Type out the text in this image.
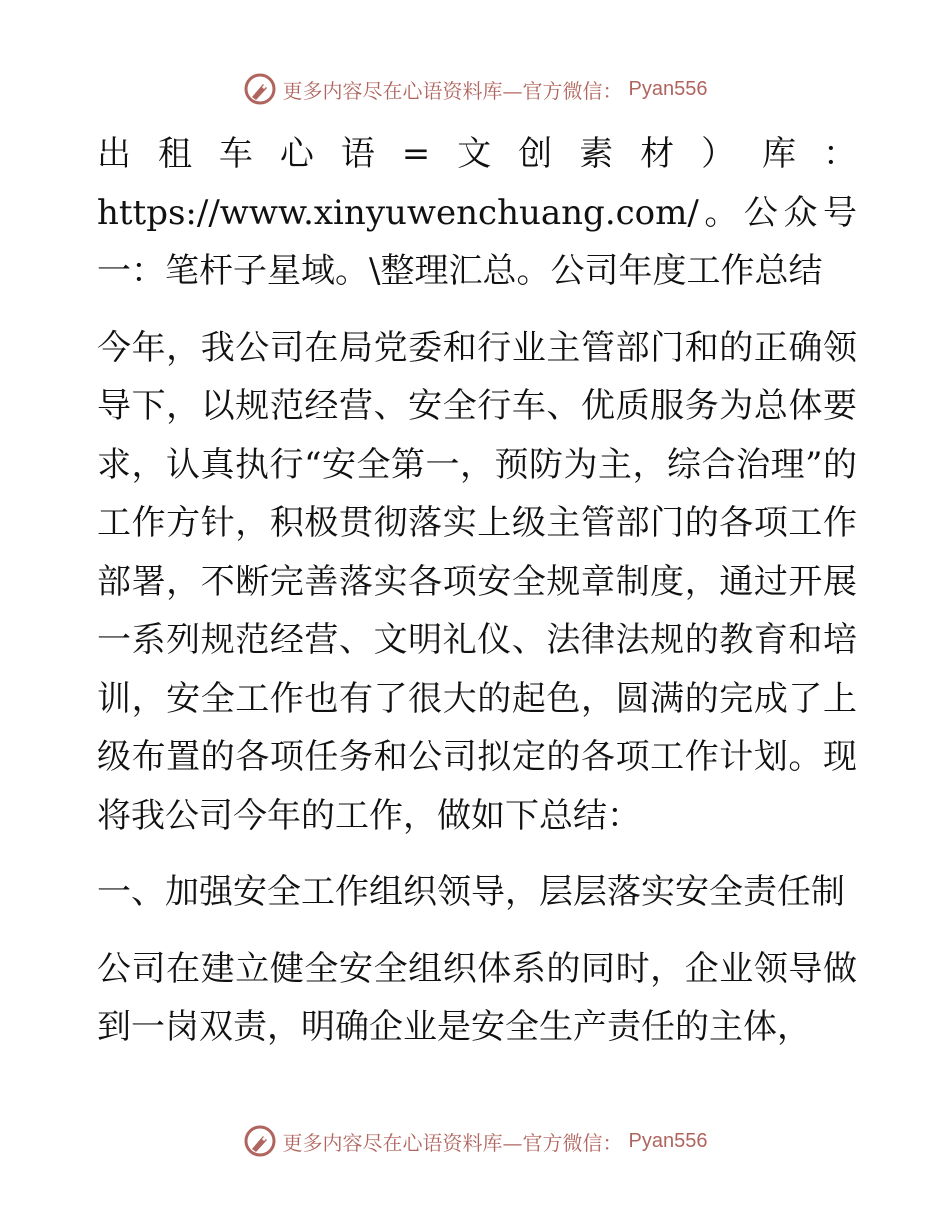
更多内容尽在心语资料库—官方微信： Pyan556

出租车心语=文创素材）库：https://www.xinyuwenchuang.com/。公众号一：笔杆子星域。\整理汇总。公司年度工作总结

今年，我公司在局党委和行业主管部门和的正确领导下，以规范经营、安全行车、优质服务为总体要求，认真执行“安全第一，预防为主，综合治理”的工作方针，积极贯彻落实上级主管部门的各项工作部署，不断完善落实各项安全规章制度，通过开展一系列规范经营、文明礼仪、法律法规的教育和培训，安全工作也有了很大的起色，圆满的完成了上级布置的各项任务和公司拟定的各项工作计划。现将我公司今年的工作，做如下总结：

一、加强安全工作组织领导，层层落实安全责任制

公司在建立健全安全组织体系的同时，企业领导做到一岗双责，明确企业是安全生产责任的主体，

更多内容尽在心语资料库—官方微信： Pyan556
